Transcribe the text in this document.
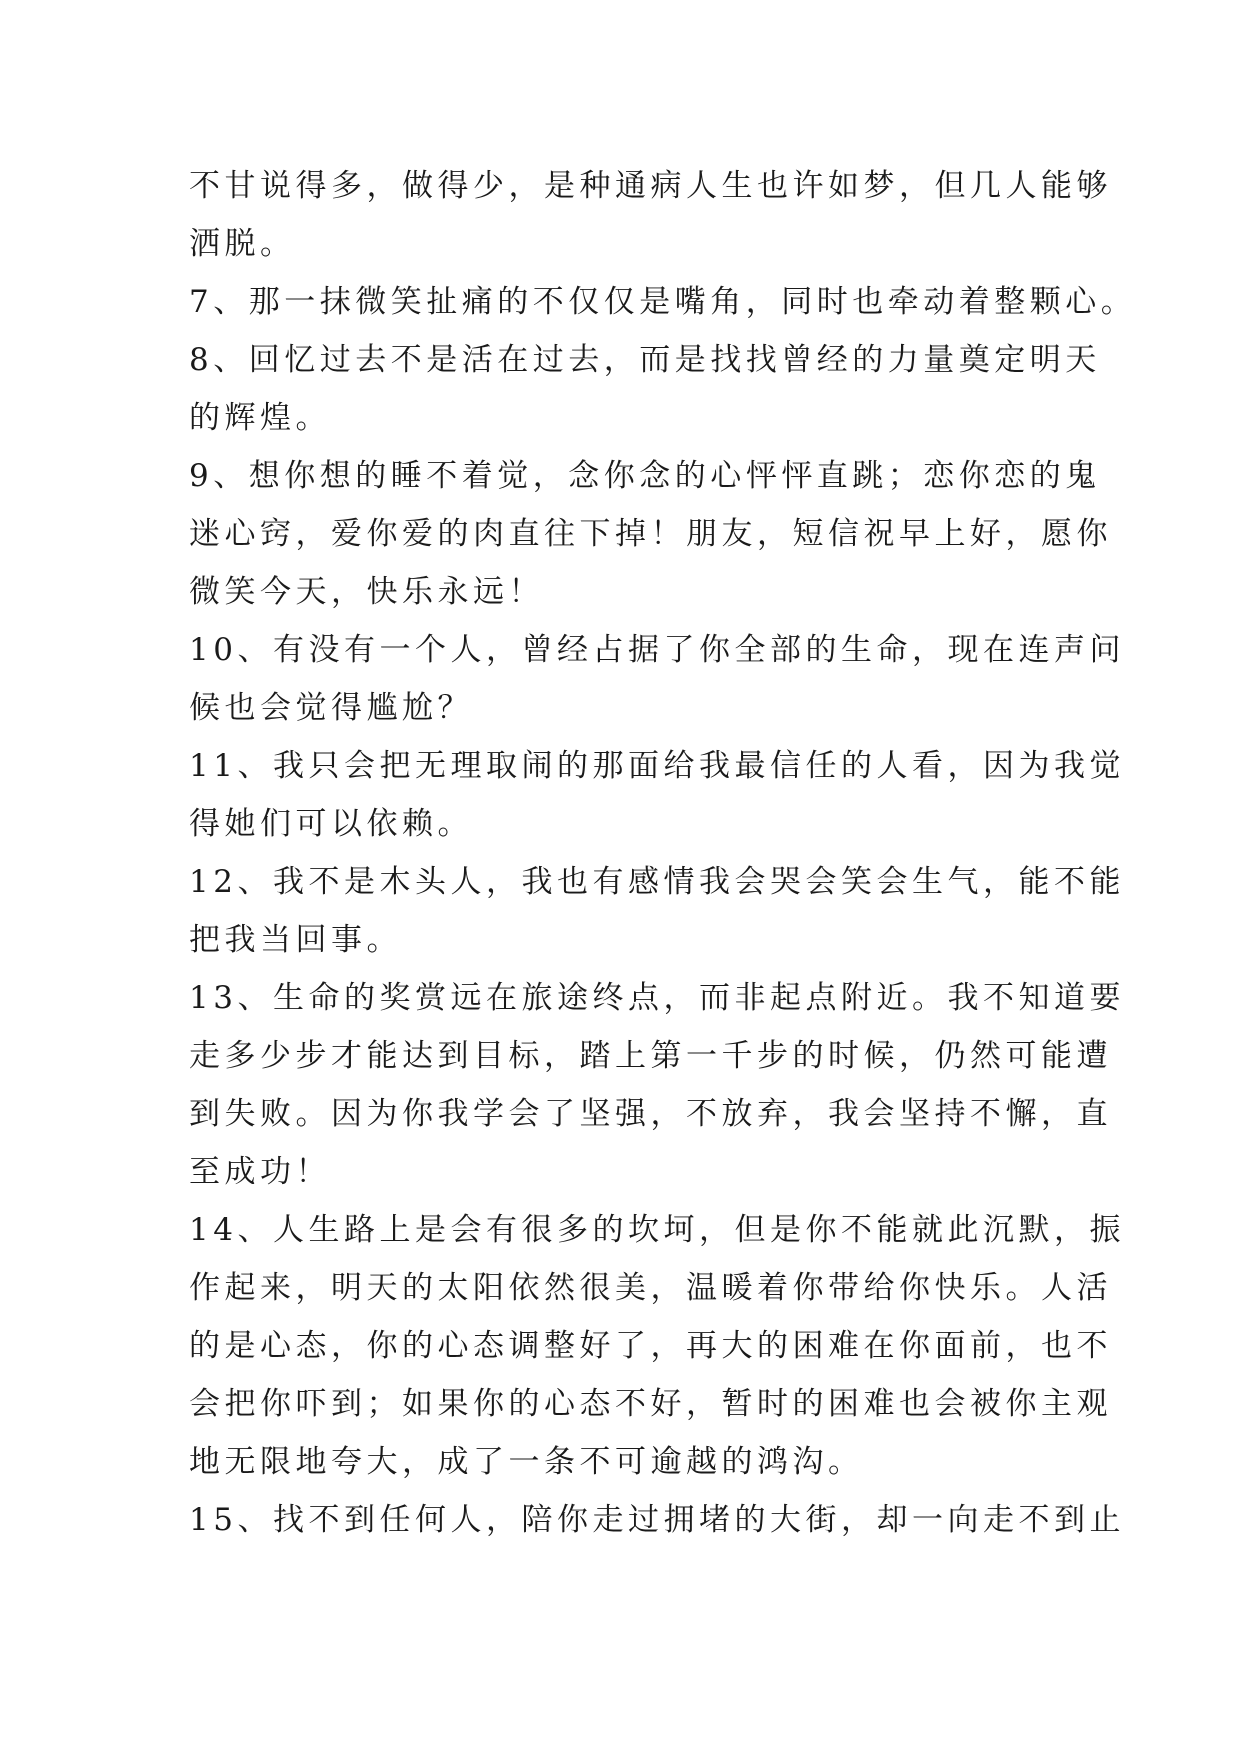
不甘说得多，做得少，是种通病人生也许如梦，但几人能够
洒脱。
7、那一抹微笑扯痛的不仅仅是嘴角，同时也牵动着整颗心。
8、回忆过去不是活在过去，而是找找曾经的力量奠定明天
的辉煌。
9、想你想的睡不着觉，念你念的心怦怦直跳；恋你恋的鬼
迷心窍，爱你爱的肉直往下掉！朋友，短信祝早上好，愿你
微笑今天，快乐永远！
10、有没有一个人，曾经占据了你全部的生命，现在连声问
候也会觉得尴尬？
11、我只会把无理取闹的那面给我最信任的人看，因为我觉
得她们可以依赖。
12、我不是木头人，我也有感情我会哭会笑会生气，能不能
把我当回事。
13、生命的奖赏远在旅途终点，而非起点附近。我不知道要
走多少步才能达到目标，踏上第一千步的时候，仍然可能遭
到失败。因为你我学会了坚强，不放弃，我会坚持不懈，直
至成功！
14、人生路上是会有很多的坎坷，但是你不能就此沉默，振
作起来，明天的太阳依然很美，温暖着你带给你快乐。人活
的是心态，你的心态调整好了，再大的困难在你面前，也不
会把你吓到；如果你的心态不好，暂时的困难也会被你主观
地无限地夸大，成了一条不可逾越的鸿沟。
15、找不到任何人，陪你走过拥堵的大街，却一向走不到止
